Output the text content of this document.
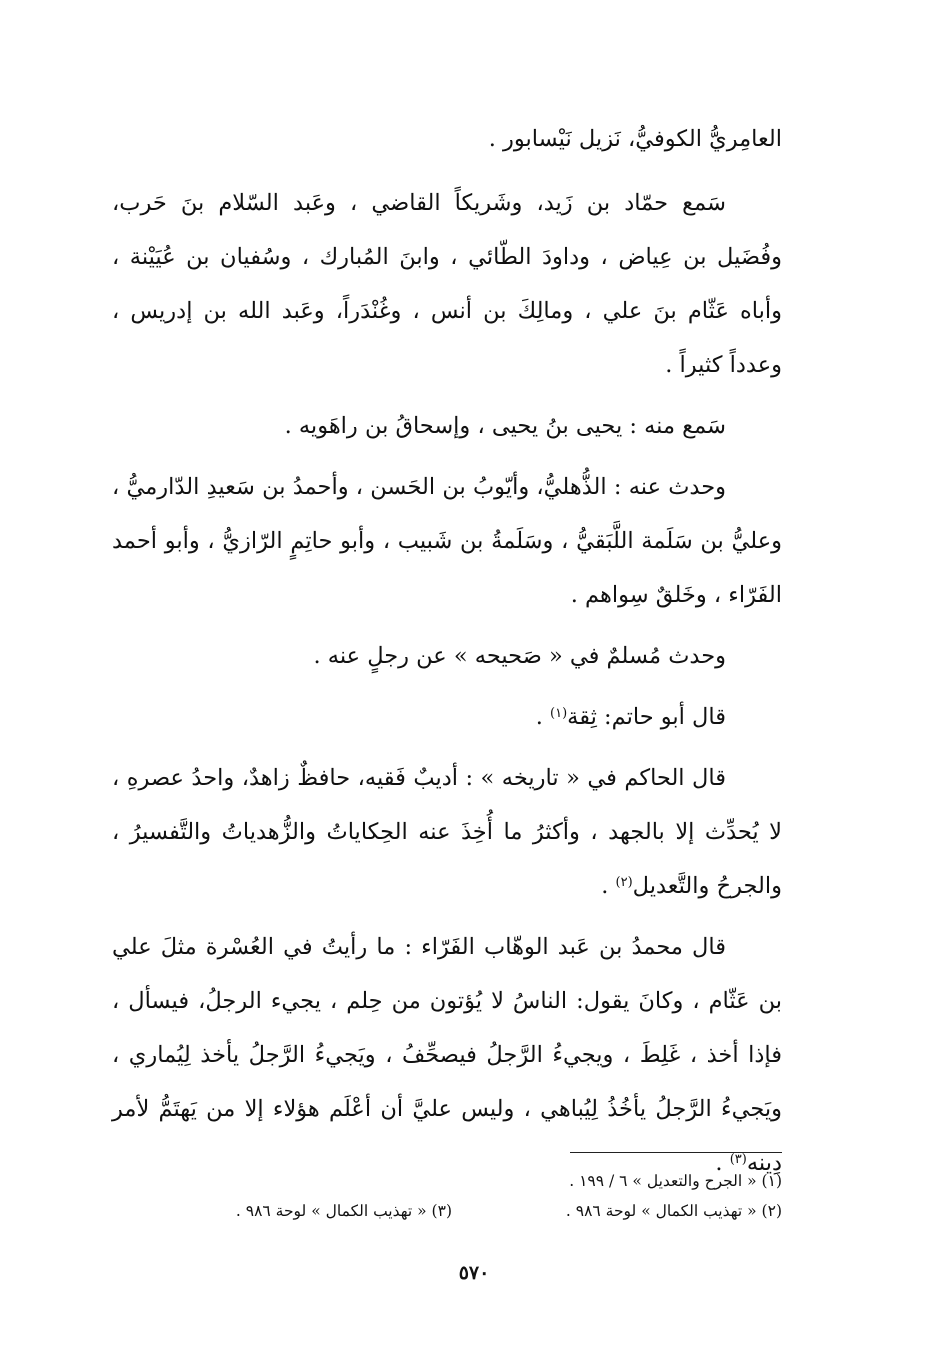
العامِريُّ الكوفيُّ، نَزيل نَيْسابور .

سَمع حمّاد بن زَيد، وشَريكاً القاضي ، وعَبد السّلام بنَ حَرب، وفُضَيل بن عِياض ، وداودَ الطّائي ، وابنَ المُبارك ، وسُفيان بن عُيَيْنة ، وأباه عَثّام بنَ علي ، ومالِكَ بن أنس ، وغُنْدَراً، وعَبد الله بن إدريس ، وعدداً كثيراً .

سَمع منه : يحيى بنُ يحيى ، وإسحاقُ بن راهَويه .

وحدث عنه : الذُّهليُّ، وأيّوبُ بن الحَسن ، وأحمدُ بن سَعيدِ الدّارميُّ ، وعليُّ بن سَلَمة اللَّبَقيُّ ، وسَلَمةُ بن شَبيب ، وأبو حاتِمٍ الرّازيُّ ، وأبو أحمد الفَرّاء ، وخَلقٌ سِواهم .

وحدث مُسلمٌ في « صَحيحه » عن رجلٍ عنه .

قال أبو حاتم: ثِقة$^{(١)}$ .

قال الحاكم في « تاريخه » : أديبٌ فَقيه، حافظٌ زاهدٌ، واحدُ عصرهِ ، لا يُحدِّث إلا بالجهد ، وأكثرُ ما أُخِذَ عنه الحِكاياتُ والزُّهدياتُ والتَّفسيرُ ، والجرحُ والتَّعديل$^{(٢)}$ .

قال محمدُ بن عَبد الوهّاب الفَرّاء : ما رأيتُ في العُسْرة مثلَ علي بن عَثّام ، وكانَ يقول: الناسُ لا يُؤتون من حِلم ، يجيء الرجلُ، فيسأل ، فإذا أخذ ، غَلِطَ ، ويجيءُ الرَّجلُ فيصحِّفُ ، ويَجيءُ الرَّجلُ يأخذ لِيُماري ، ويَجيءُ الرَّجلُ يأخُذُ لِيُباهي ، وليس عليَّ أن أعْلَم هؤلاء إلا من يَهتَمُّ لأمر دِينه$^{(٣)}$ .

(١) « الجرح والتعديل » ٦ / ١٩٩ .
(٢) « تهذيب الكمال » لوحة ٩٨٦ .
(٣) « تهذيب الكمال » لوحة ٩٨٦ .
٥٧٠
